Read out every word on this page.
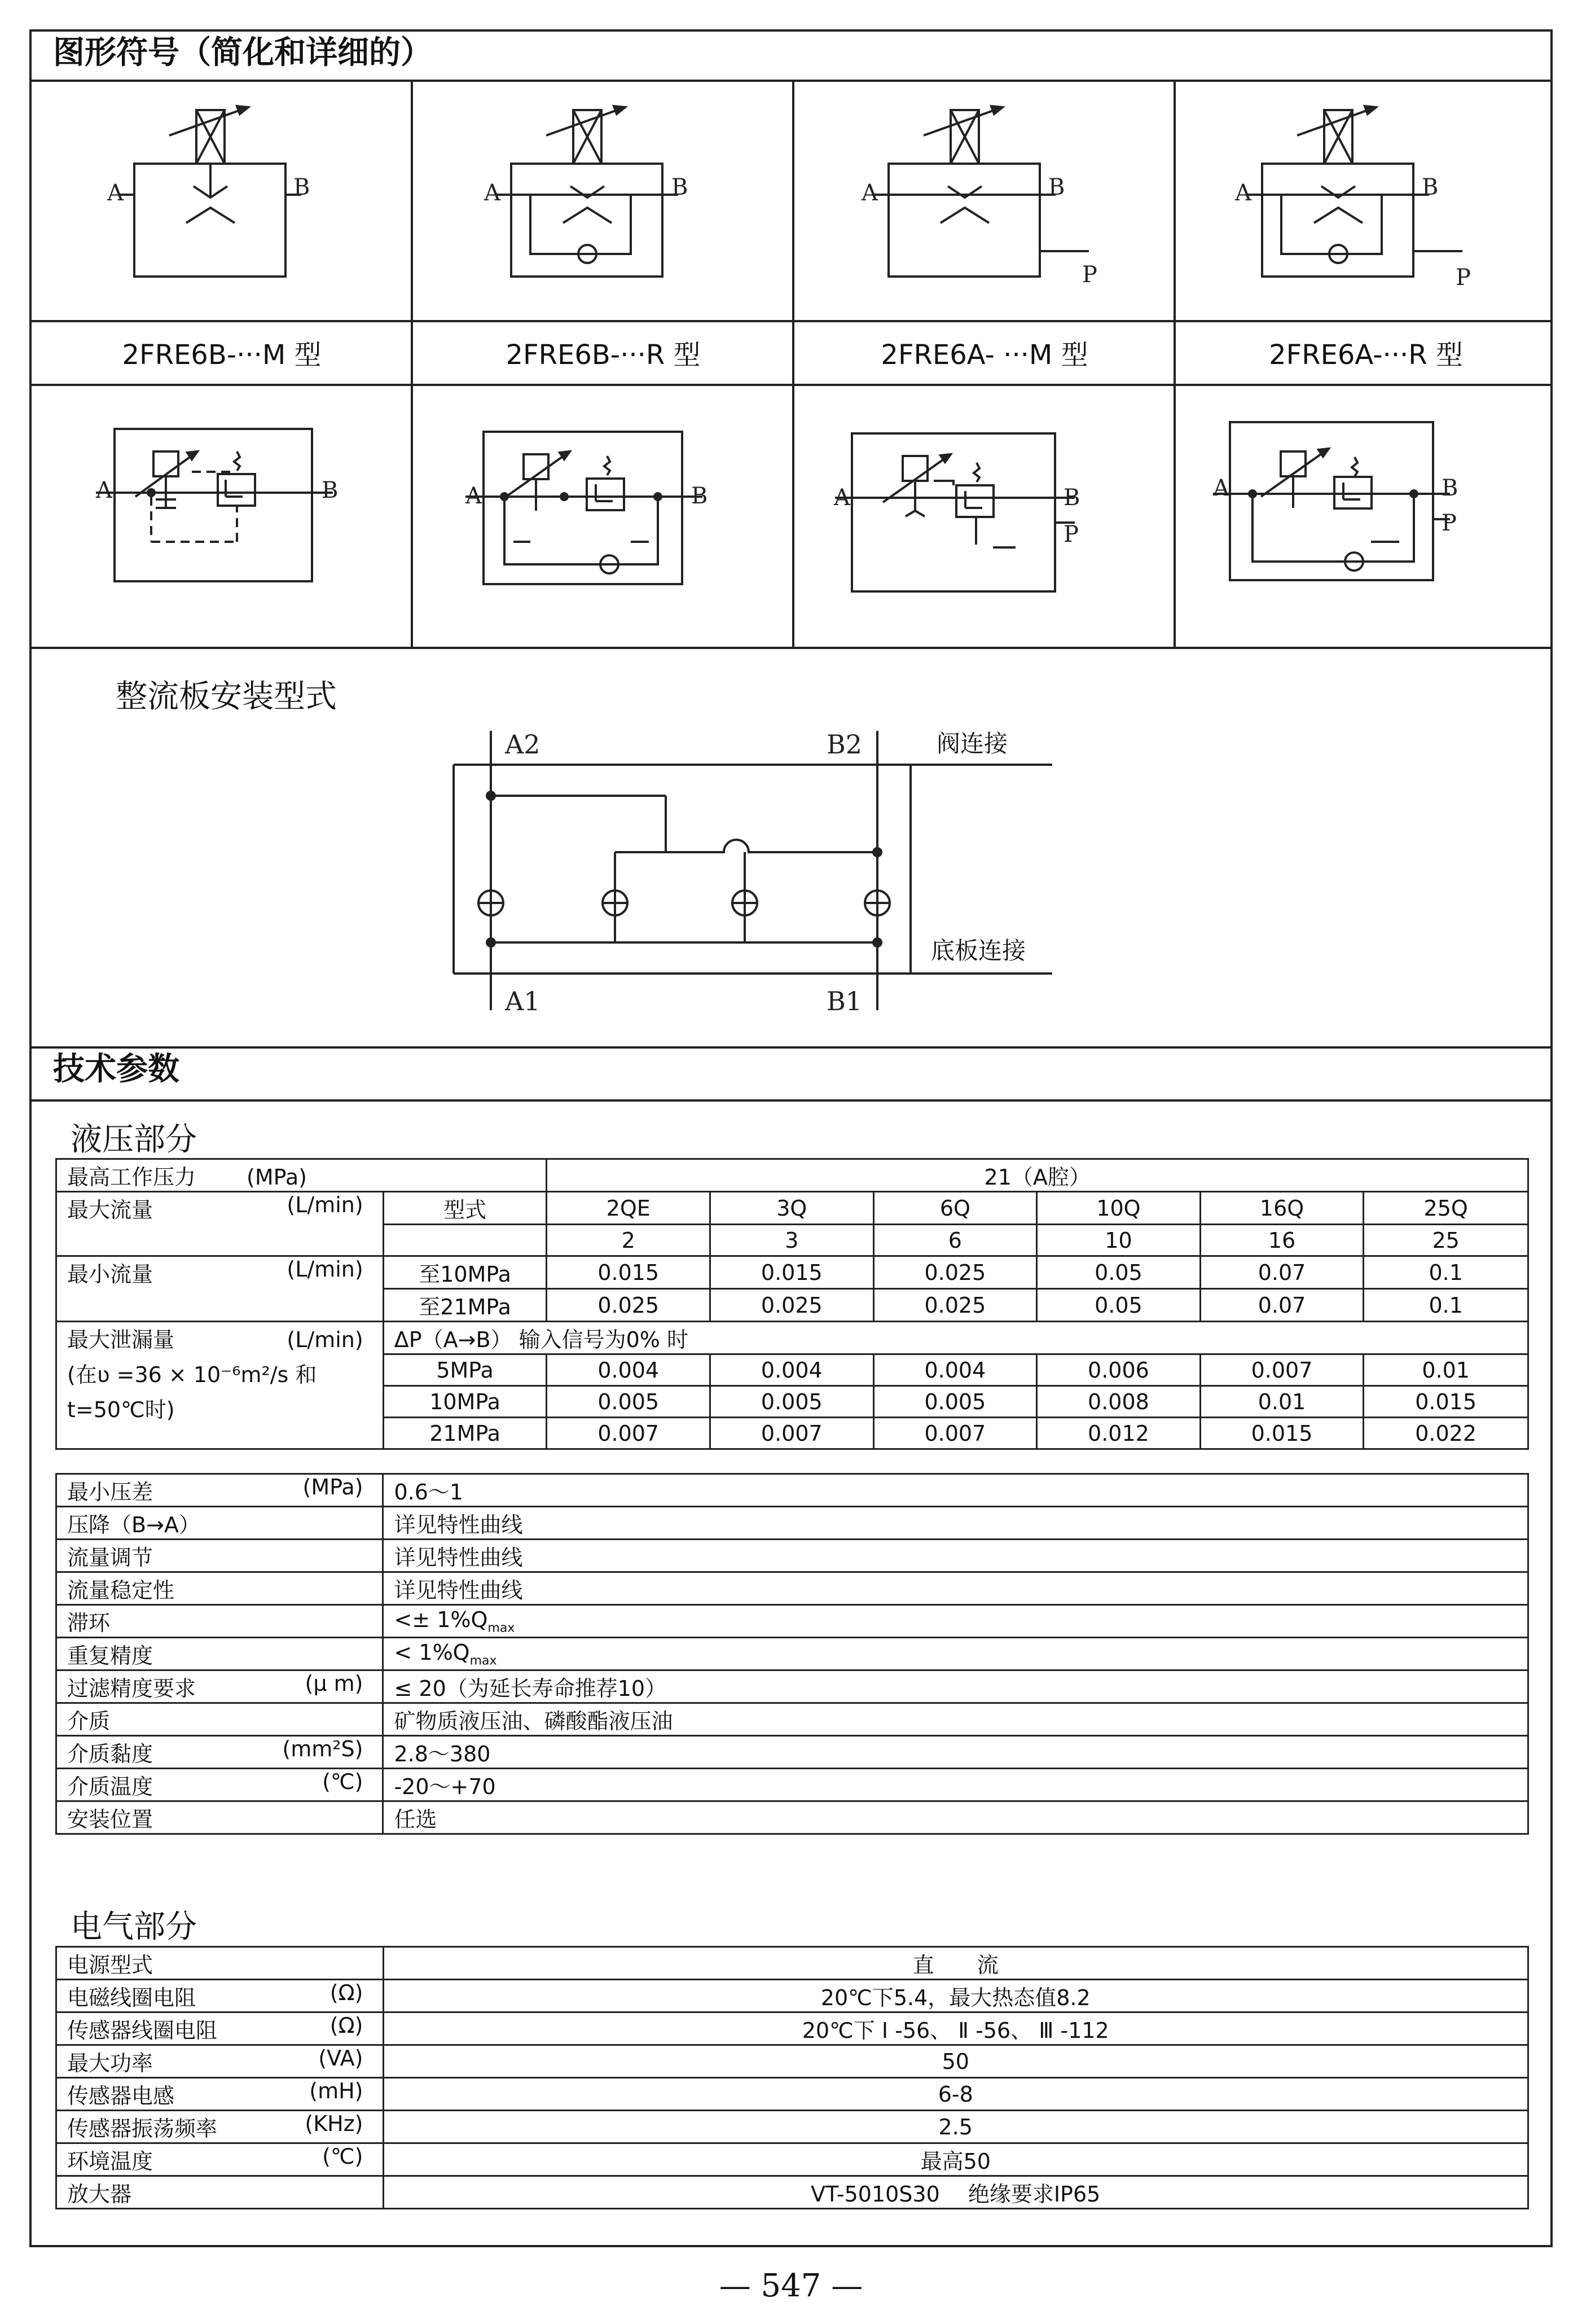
图形符号（简化和详细的）
A	B	A	B	A	B
P
A	B
P
A	B	A	B	A	B
P
A	B
P
A2	B2
A1	B1
2FRE6B-···M 型	2FRE6B-···R 型	2FRE6A- ···M 型	2FRE6A-···R 型
整流板安装型式
阀连接
底板连接
技术参数
液压部分
最高工作压力 (MPa)		21（A腔）					
最大流量 (L/min)	型式	2QE	3Q	6Q	10Q	16Q	25Q
		2	3	6	10	16	25
最小流量 (L/min)	至10MPa	0.015	0.015	0.025	0.05	0.07	0.1
	至21MPa	0.025	0.025	0.025	0.05	0.07	0.1

最大泄漏量 (L/min)
(在ʋ =36 × 10⁻⁶m²/s 和
t=50℃时)	ΔP（A→B） 输入信号为0% 时						
	5MPa	0.004	0.004	0.004	0.006	0.007	0.01
	10MPa	0.005	0.005	0.005	0.008	0.01	0.015
	21MPa	0.007	0.007	0.007	0.012	0.015	0.022
最小压差 (MPa)	0.6～1
压降（B→A）	详见特性曲线
流量调节	详见特性曲线
流量稳定性	详见特性曲线
滞环	<± $1\%Q_{max}$
重复精度	< $1\%Q_{max}$
过滤精度要求 (μ m)	≤ 20（为延长寿命推荐10）
介质	矿物质液压油、磷酸酯液压油
介质黏度 (mm²S)	2.8～380
介质温度 (℃)	-20～+70
安装位置	任选
电气部分
电源型式	直　　流
电磁线圈电阻 (Ω)	20℃下5.4，最大热态值8.2
传感器线圈电阻 (Ω)	20℃下 Ⅰ -56、 Ⅱ -56、 Ⅲ -112
最大功率 (VA)	50
传感器电感 (mH)	6-8
传感器振荡频率 (KHz)	2.5
环境温度 (℃)	最高50
放大器	VT-5010S30 　绝缘要求IP65
— 547 —
